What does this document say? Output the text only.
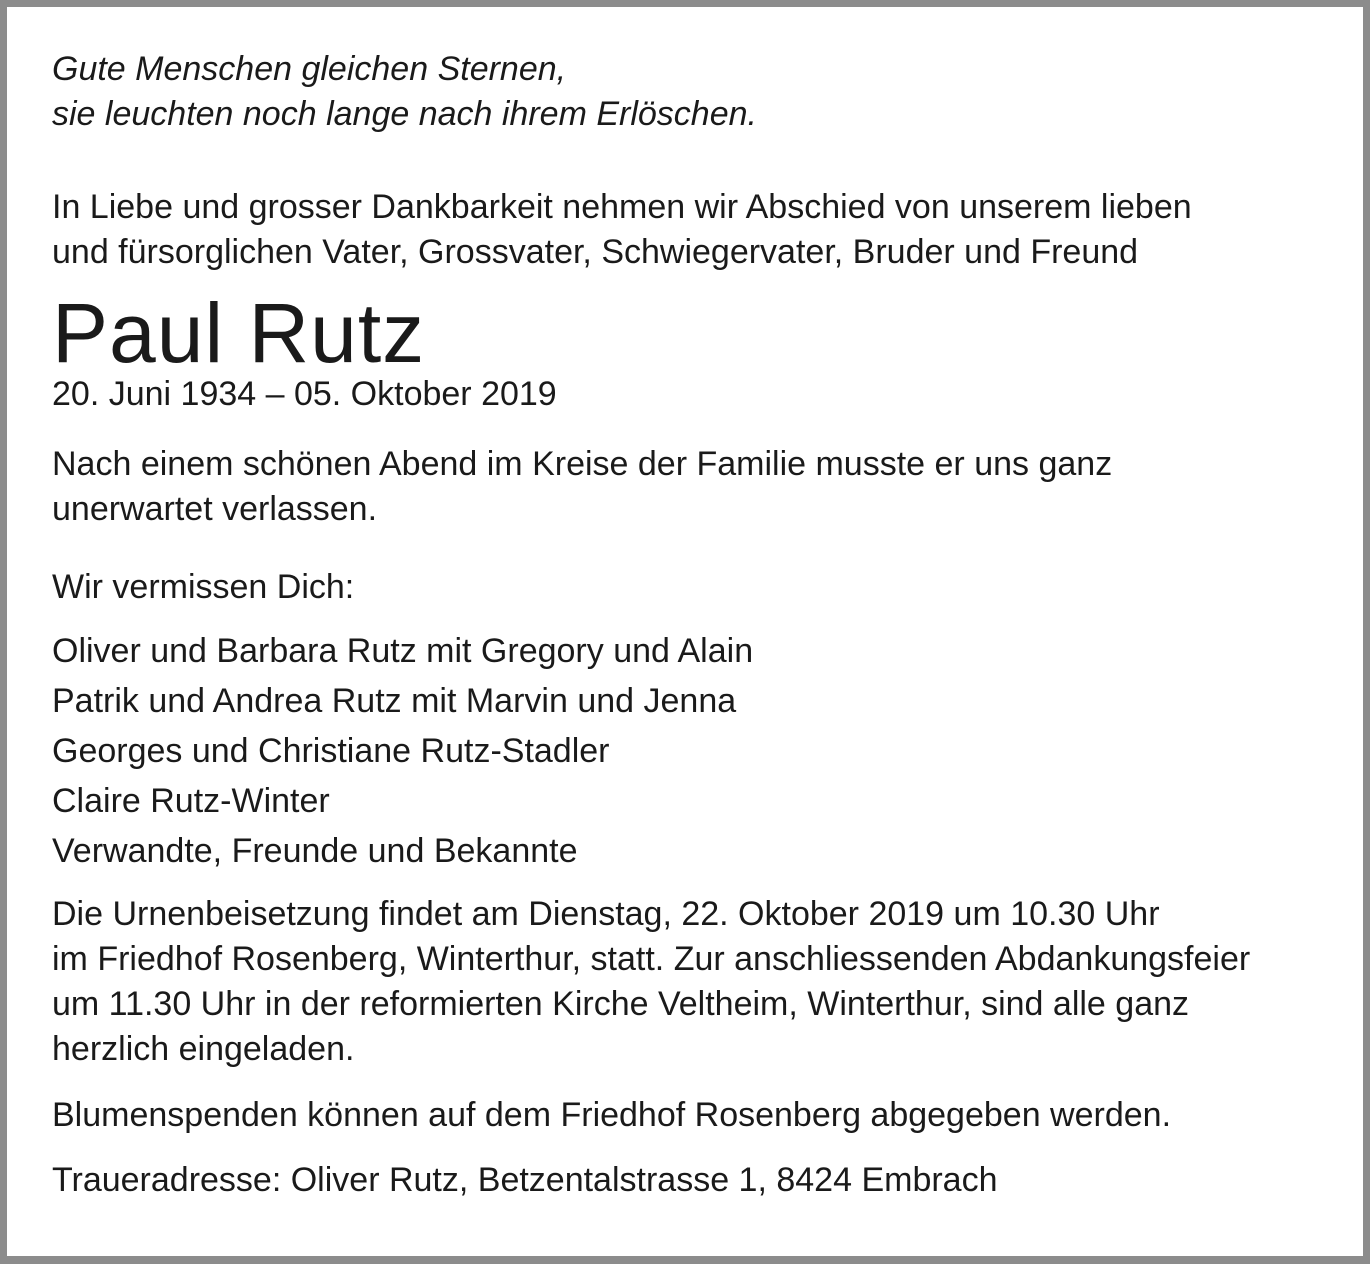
Gute Menschen gleichen Sternen,
sie leuchten noch lange nach ihrem Erlöschen.
In Liebe und grosser Dankbarkeit nehmen wir Abschied von unserem lieben
und fürsorglichen Vater, Grossvater, Schwiegervater, Bruder und Freund
Paul Rutz
20. Juni 1934 – 05. Oktober 2019
Nach einem schönen Abend im Kreise der Familie musste er uns ganz
unerwartet verlassen.
Wir vermissen Dich:
Oliver und Barbara Rutz mit Gregory und Alain
Patrik und Andrea Rutz mit Marvin und Jenna
Georges und Christiane Rutz-Stadler
Claire Rutz-Winter
Verwandte, Freunde und Bekannte
Die Urnenbeisetzung findet am Dienstag, 22. Oktober 2019 um 10.30 Uhr
im Friedhof Rosenberg, Winterthur, statt. Zur anschliessenden Abdankungsfeier
um 11.30 Uhr in der reformierten Kirche Veltheim, Winterthur, sind alle ganz
herzlich eingeladen.
Blumenspenden können auf dem Friedhof Rosenberg abgegeben werden.
Traueradresse: Oliver Rutz, Betzentalstrasse 1, 8424 Embrach
